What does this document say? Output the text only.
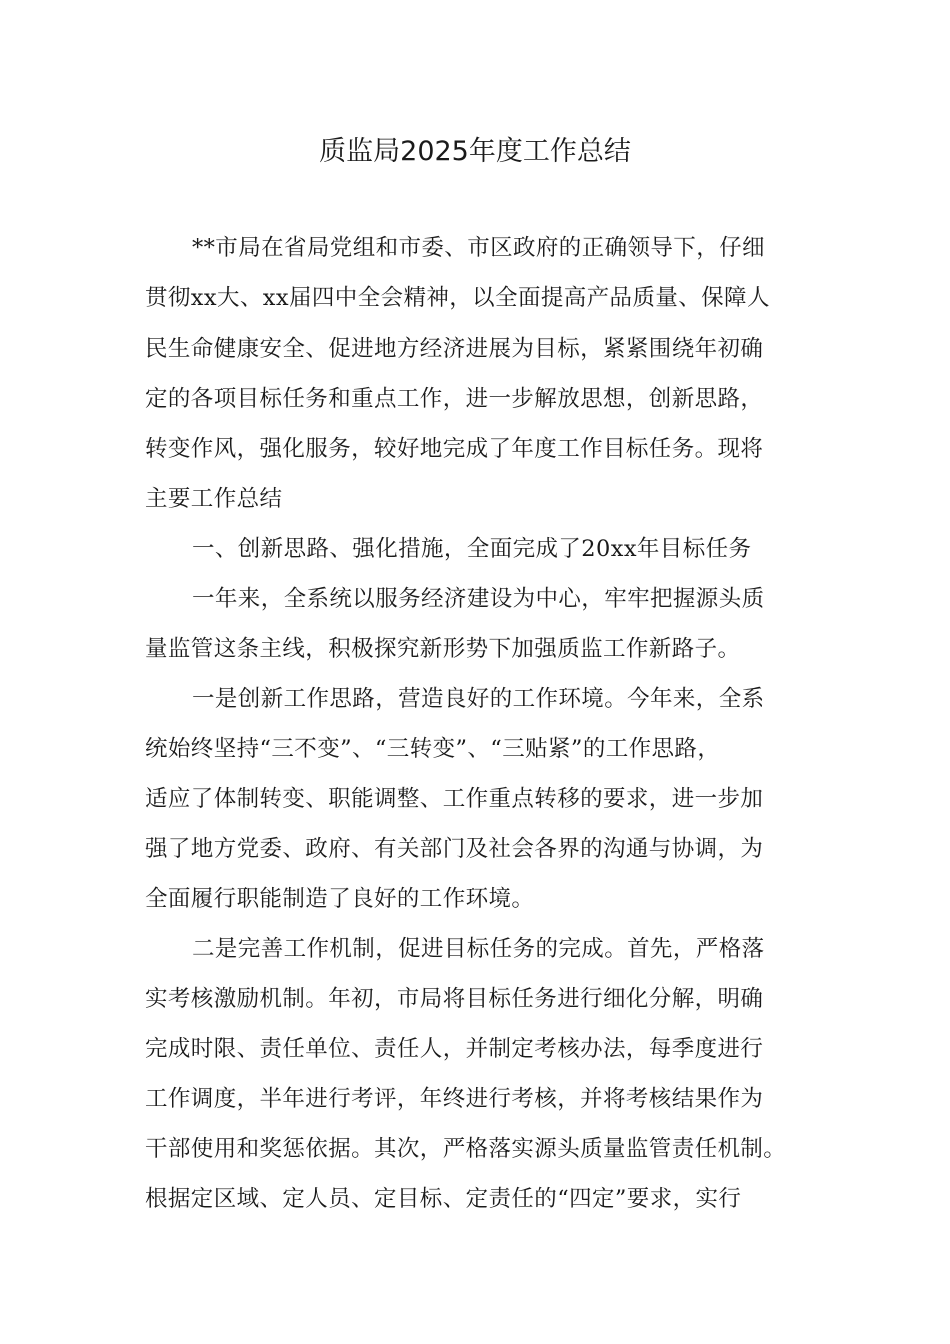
质监局2025年度工作总结
**市局在省局党组和市委、市区政府的正确领导下，仔细
贯彻xx大、xx届四中全会精神，以全面提高产品质量、保障人
民生命健康安全、促进地方经济进展为目标，紧紧围绕年初确
定的各项目标任务和重点工作，进一步解放思想，创新思路，
转变作风，强化服务，较好地完成了年度工作目标任务。现将
主要工作总结
一、创新思路、强化措施，全面完成了20xx年目标任务
一年来，全系统以服务经济建设为中心，牢牢把握源头质
量监管这条主线，积极探究新形势下加强质监工作新路子。
一是创新工作思路，营造良好的工作环境。今年来，全系
统始终坚持“三不变”、“三转变”、“三贴紧”的工作思路，
适应了体制转变、职能调整、工作重点转移的要求，进一步加
强了地方党委、政府、有关部门及社会各界的沟通与协调，为
全面履行职能制造了良好的工作环境。
二是完善工作机制，促进目标任务的完成。首先，严格落
实考核激励机制。年初，市局将目标任务进行细化分解，明确
完成时限、责任单位、责任人，并制定考核办法，每季度进行
工作调度，半年进行考评，年终进行考核，并将考核结果作为
干部使用和奖惩依据。其次，严格落实源头质量监管责任机制。
根据定区域、定人员、定目标、定责任的“四定”要求，实行
